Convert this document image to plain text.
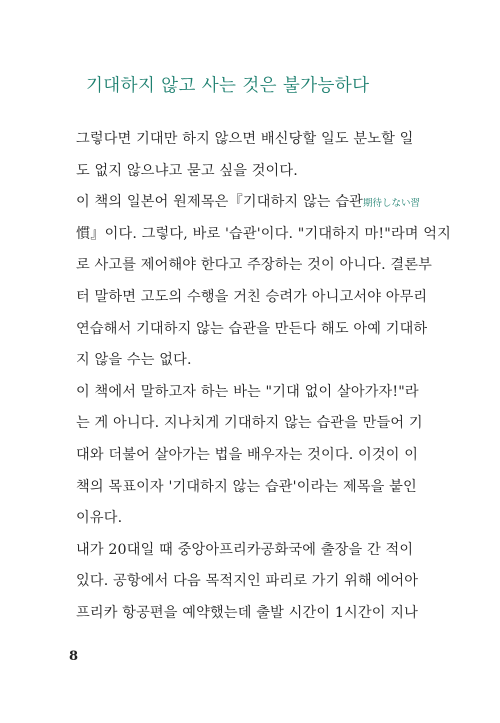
기대하지 않고 사는 것은 불가능하다

그렇다면 기대만 하지 않으면 배신당할 일도 분노할 일

도 없지 않으냐고 묻고 싶을 것이다.

이 책의 일본어 원제목은『기대하지 않는 습관期待しない習

慣』이다. 그렇다, 바로 '습관'이다. "기대하지 마!"라며 억지

로 사고를 제어해야 한다고 주장하는 것이 아니다. 결론부

터 말하면 고도의 수행을 거친 승려가 아니고서야 아무리

연습해서 기대하지 않는 습관을 만든다 해도 아예 기대하

지 않을 수는 없다.

이 책에서 말하고자 하는 바는 "기대 없이 살아가자!"라

는 게 아니다. 지나치게 기대하지 않는 습관을 만들어 기

대와 더불어 살아가는 법을 배우자는 것이다. 이것이 이

책의 목표이자 '기대하지 않는 습관'이라는 제목을 붙인

이유다.

내가 20대일 때 중앙아프리카공화국에 출장을 간 적이

있다. 공항에서 다음 목적지인 파리로 가기 위해 에어아

프리카 항공편을 예약했는데 출발 시간이 1시간이 지나

8
